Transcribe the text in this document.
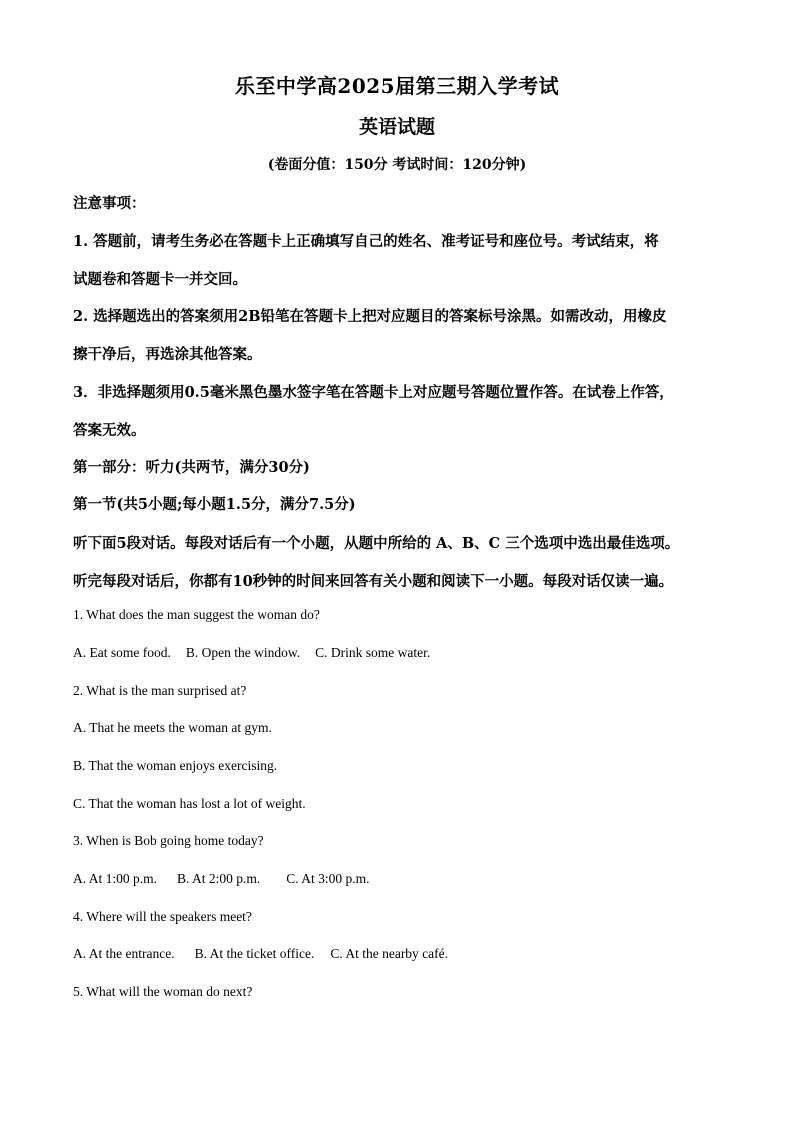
乐至中学高2025届第三期入学考试
英语试题
(卷面分值：150分 考试时间：120分钟)
注意事项：
1. 答题前，请考生务必在答题卡上正确填写自己的姓名、准考证号和座位号。考试结束，将
试题卷和答题卡一并交回。
2. 选择题选出的答案须用2B铅笔在答题卡上把对应题目的答案标号涂黑。如需改动，用橡皮
擦干净后，再选涂其他答案。
3．非选择题须用0.5毫米黑色墨水签字笔在答题卡上对应题号答题位置作答。在试卷上作答，
答案无效。
第一部分：听力(共两节，满分30分)
第一节(共5小题;每小题1.5分，满分7.5分)
听下面5段对话。每段对话后有一个小题，从题中所给的 A、B、C 三个选项中选出最佳选项。
听完每段对话后，你都有10秒钟的时间来回答有关小题和阅读下一小题。每段对话仅读一遍。
1. What does the man suggest the woman do?
A. Eat some food. B. Open the window. C. Drink some water.
2. What is the man surprised at?
A. That he meets the woman at gym.
B. That the woman enjoys exercising.
C. That the woman has lost a lot of weight.
3. When is Bob going home today?
A. At 1:00 p.m. B. At 2:00 p.m. C. At 3:00 p.m.
4. Where will the speakers meet?
A. At the entrance. B. At the ticket office. C. At the nearby café.
5. What will the woman do next?
